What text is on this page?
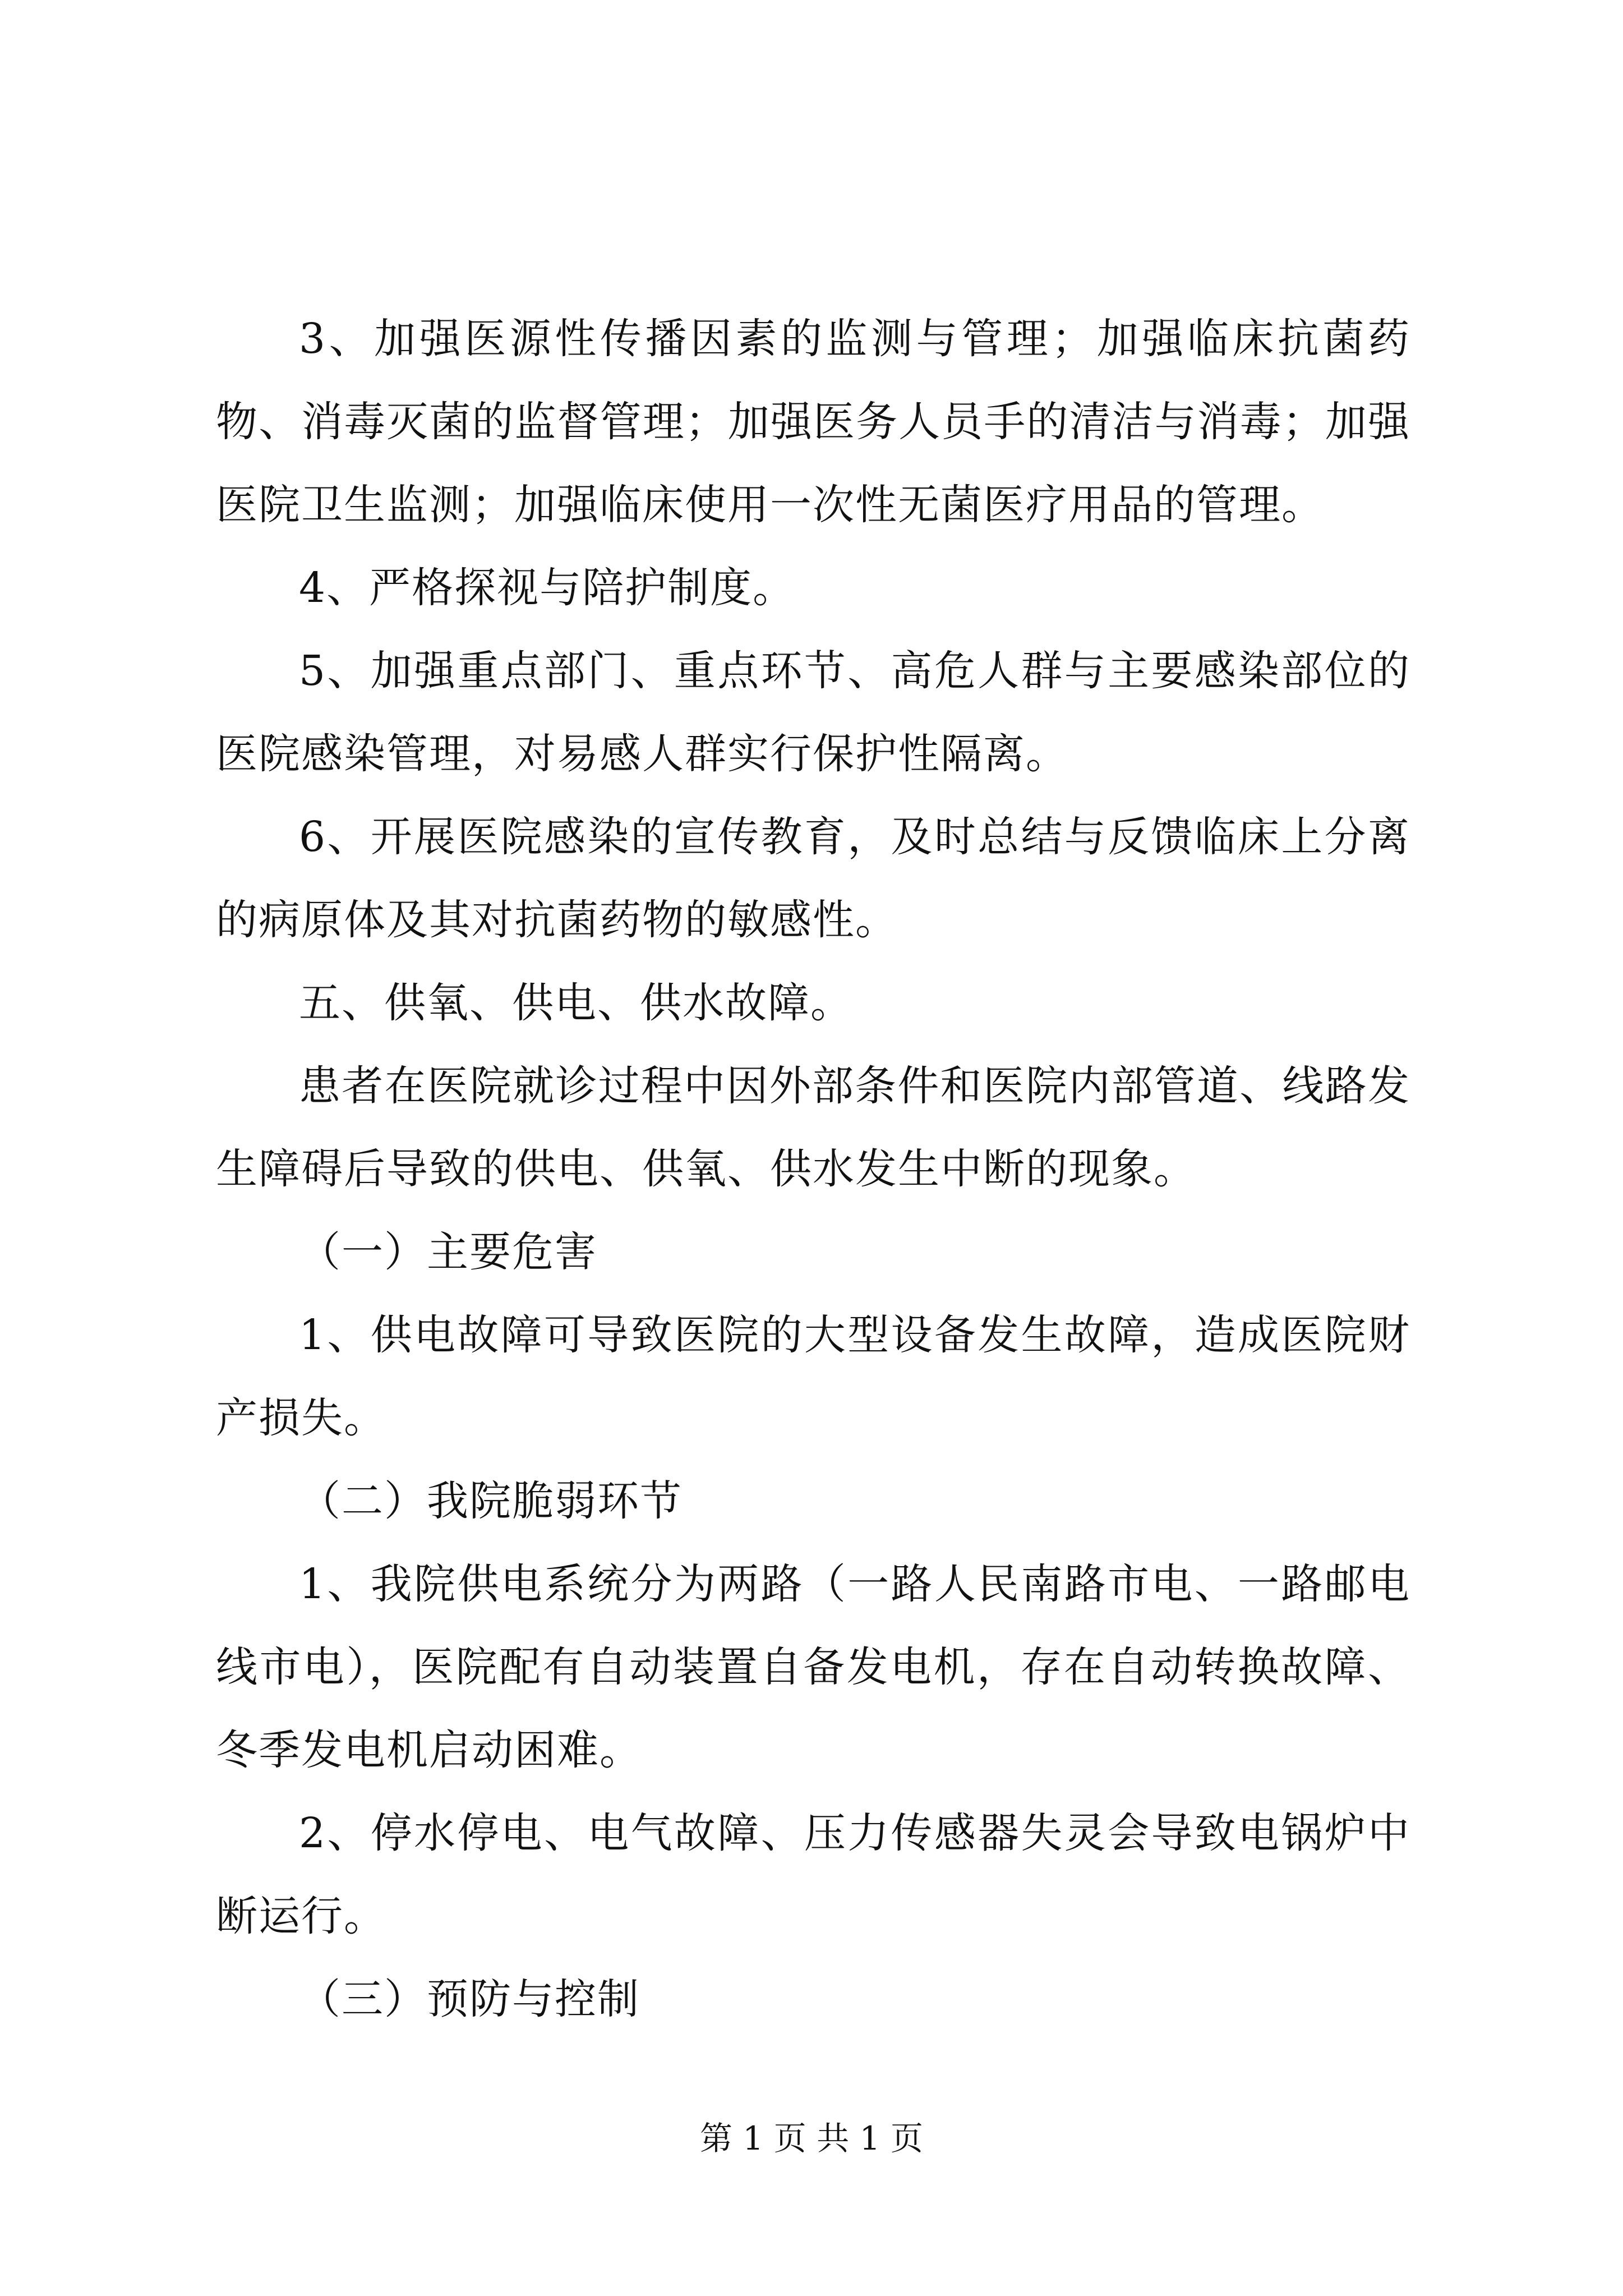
3、加强医源性传播因素的监测与管理；加强临床抗菌药物、消毒灭菌的监督管理；加强医务人员手的清洁与消毒；加强医院卫生监测；加强临床使用一次性无菌医疗用品的管理。

4、严格探视与陪护制度。

5、加强重点部门、重点环节、高危人群与主要感染部位的医院感染管理，对易感人群实行保护性隔离。

6、开展医院感染的宣传教育，及时总结与反馈临床上分离的病原体及其对抗菌药物的敏感性。

五、供氧、供电、供水故障。

患者在医院就诊过程中因外部条件和医院内部管道、线路发生障碍后导致的供电、供氧、供水发生中断的现象。

（一）主要危害

1、供电故障可导致医院的大型设备发生故障，造成医院财产损失。

（二）我院脆弱环节

1、我院供电系统分为两路（一路人民南路市电、一路邮电线市电），医院配有自动装置自备发电机，存在自动转换故障、冬季发电机启动困难。

2、停水停电、电气故障、压力传感器失灵会导致电锅炉中断运行。

（三）预防与控制

第 1 页 共 1 页
